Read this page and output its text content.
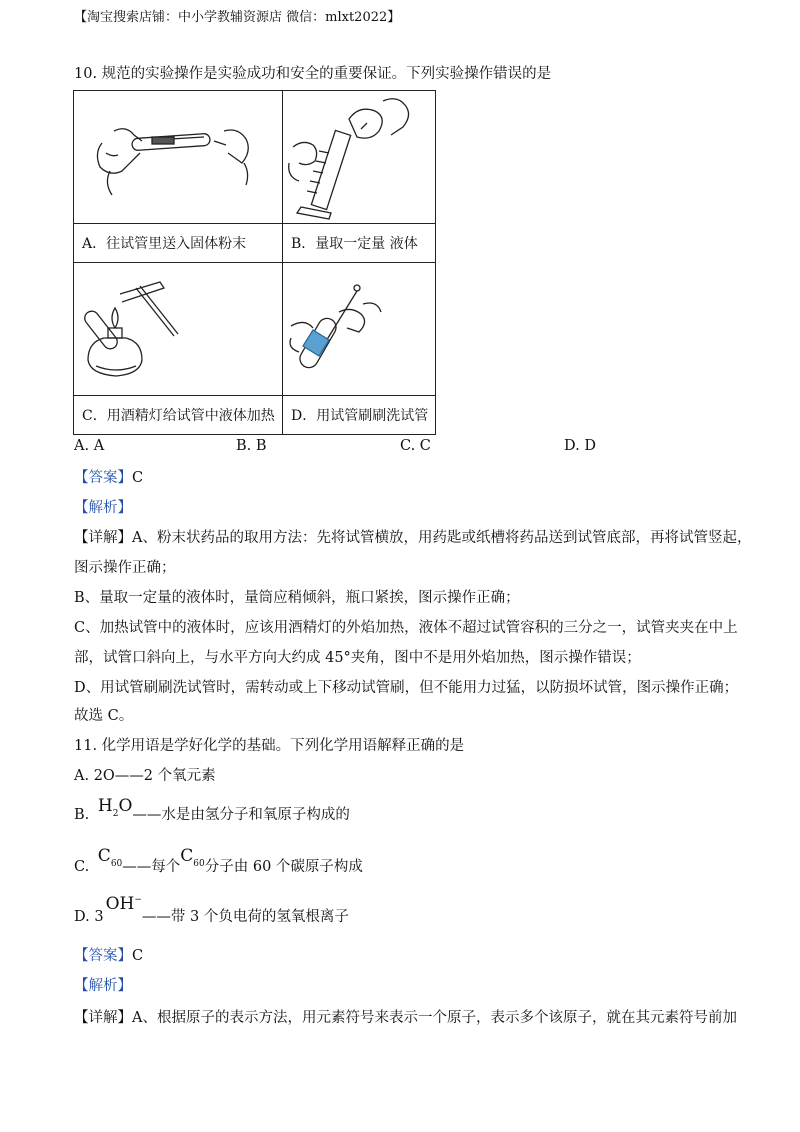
【淘宝搜索店铺：中小学教辅资源店 微信：mlxt2022】
10. 规范的实验操作是实验成功和安全的重要保证。下列实验操作错误的是

A．往试管里送入固体粉末	B．量取一定量 液体

C．用酒精灯给试管中液体加热	D．用试管刷刷洗试管
A. A	B. B	C. C	D. D
【答案】C
【解析】
【详解】A、粉末状药品的取用方法：先将试管横放，用药匙或纸槽将药品送到试管底部，再将试管竖起，
图示操作正确；
B、量取一定量的液体时，量筒应稍倾斜，瓶口紧挨，图示操作正确；
C、加热试管中的液体时，应该用酒精灯的外焰加热，液体不超过试管容积的三分之一，试管夹夹在中上
部，试管口斜向上，与水平方向大约成 45°夹角，图中不是用外焰加热，图示操作错误；
D、用试管刷刷洗试管时，需转动或上下移动试管刷，但不能用力过猛，以防损坏试管，图示操作正确；
故选 C。
11. 化学用语是学好化学的基础。下列化学用语解释正确的是
A. 2O——2 个氧元素
B. $H_2O——$水是由氢分子和氧原子构成的
C. $C_{60}——$每个$C_{60}$分子由 60 个碳原子构成
D. 3OH−——带 3 个负电荷的氢氧根离子
【答案】C
【解析】
【详解】A、根据原子的表示方法，用元素符号来表示一个原子，表示多个该原子，就在其元素符号前加
